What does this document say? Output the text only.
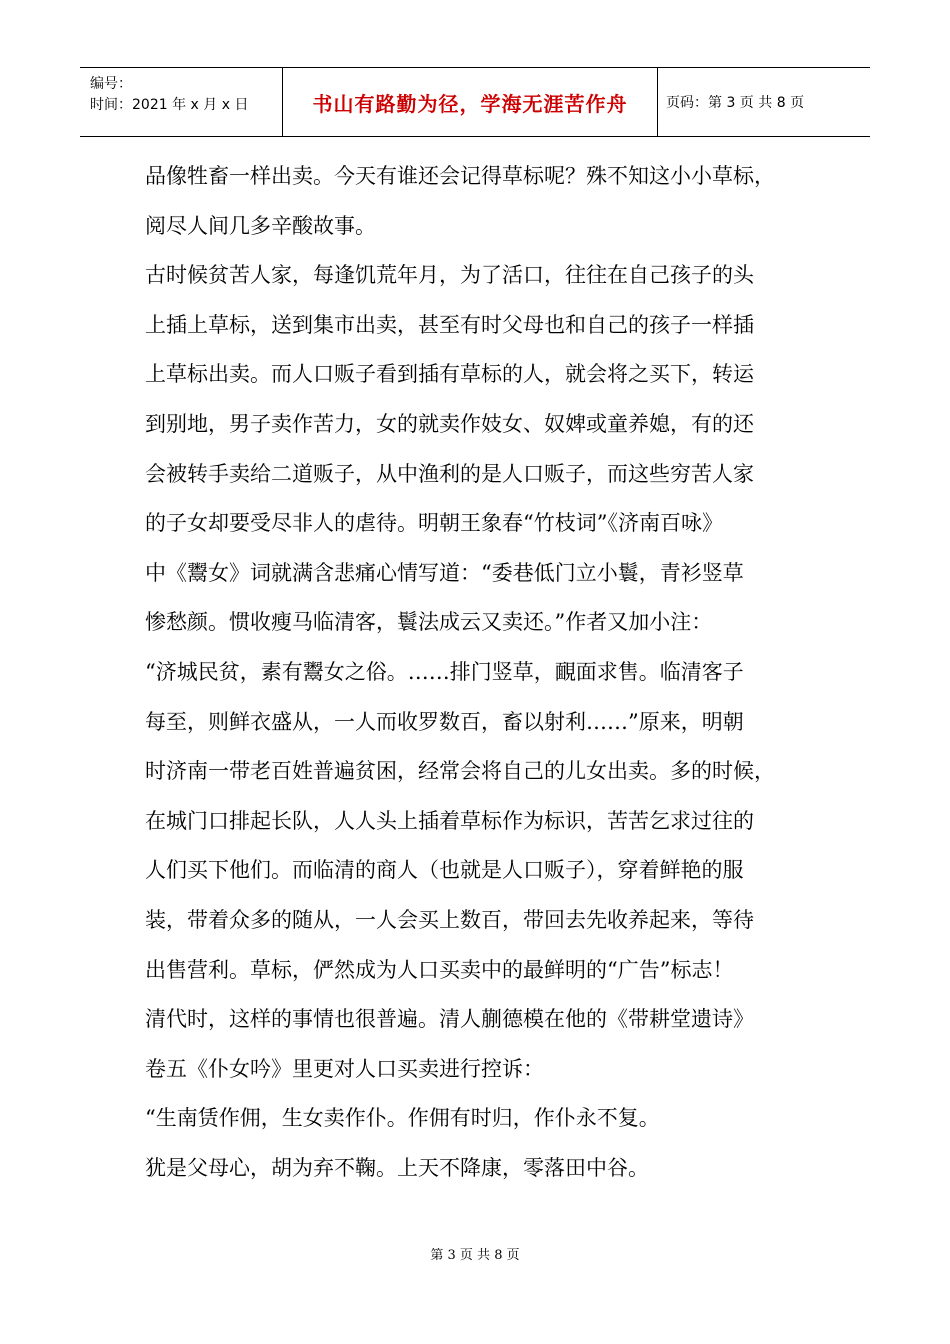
编号：
时间：2021 年 x 月 x 日	书山有路勤为径，学海无涯苦作舟	页码：第 3 页 共 8 页
品像牲畜一样出卖。今天有谁还会记得草标呢？殊不知这小小草标，
阅尽人间几多辛酸故事。
古时候贫苦人家，每逢饥荒年月，为了活口，往往在自己孩子的头
上插上草标，送到集市出卖，甚至有时父母也和自己的孩子一样插
上草标出卖。而人口贩子看到插有草标的人，就会将之买下，转运
到别地，男子卖作苦力，女的就卖作妓女、奴婢或童养媳，有的还
会被转手卖给二道贩子，从中渔利的是人口贩子，而这些穷苦人家
的子女却要受尽非人的虐待。明朝王象春“竹枝词”《济南百咏》
中《鬻女》词就满含悲痛心情写道：“委巷低门立小鬟，青衫竖草
惨愁颜。惯收瘦马临清客，鬟法成云又卖还。”作者又加小注：
“济城民贫，素有鬻女之俗。……排门竖草，靦面求售。临清客子
每至，则鲜衣盛从，一人而收罗数百，畜以射利……”原来，明朝
时济南一带老百姓普遍贫困，经常会将自己的儿女出卖。多的时候，
在城门口排起长队，人人头上插着草标作为标识，苦苦乞求过往的
人们买下他们。而临清的商人（也就是人口贩子），穿着鲜艳的服
装，带着众多的随从，一人会买上数百，带回去先收养起来，等待
出售营利。草标，俨然成为人口买卖中的最鲜明的“广告”标志！
清代时，这样的事情也很普遍。清人蒯德模在他的《带耕堂遗诗》
卷五《仆女吟》里更对人口买卖进行控诉：
“生南赁作佣，生女卖作仆。作佣有时归，作仆永不复。
犹是父母心，胡为弃不鞠。上天不降康，零落田中谷。
第 3 页 共 8 页
